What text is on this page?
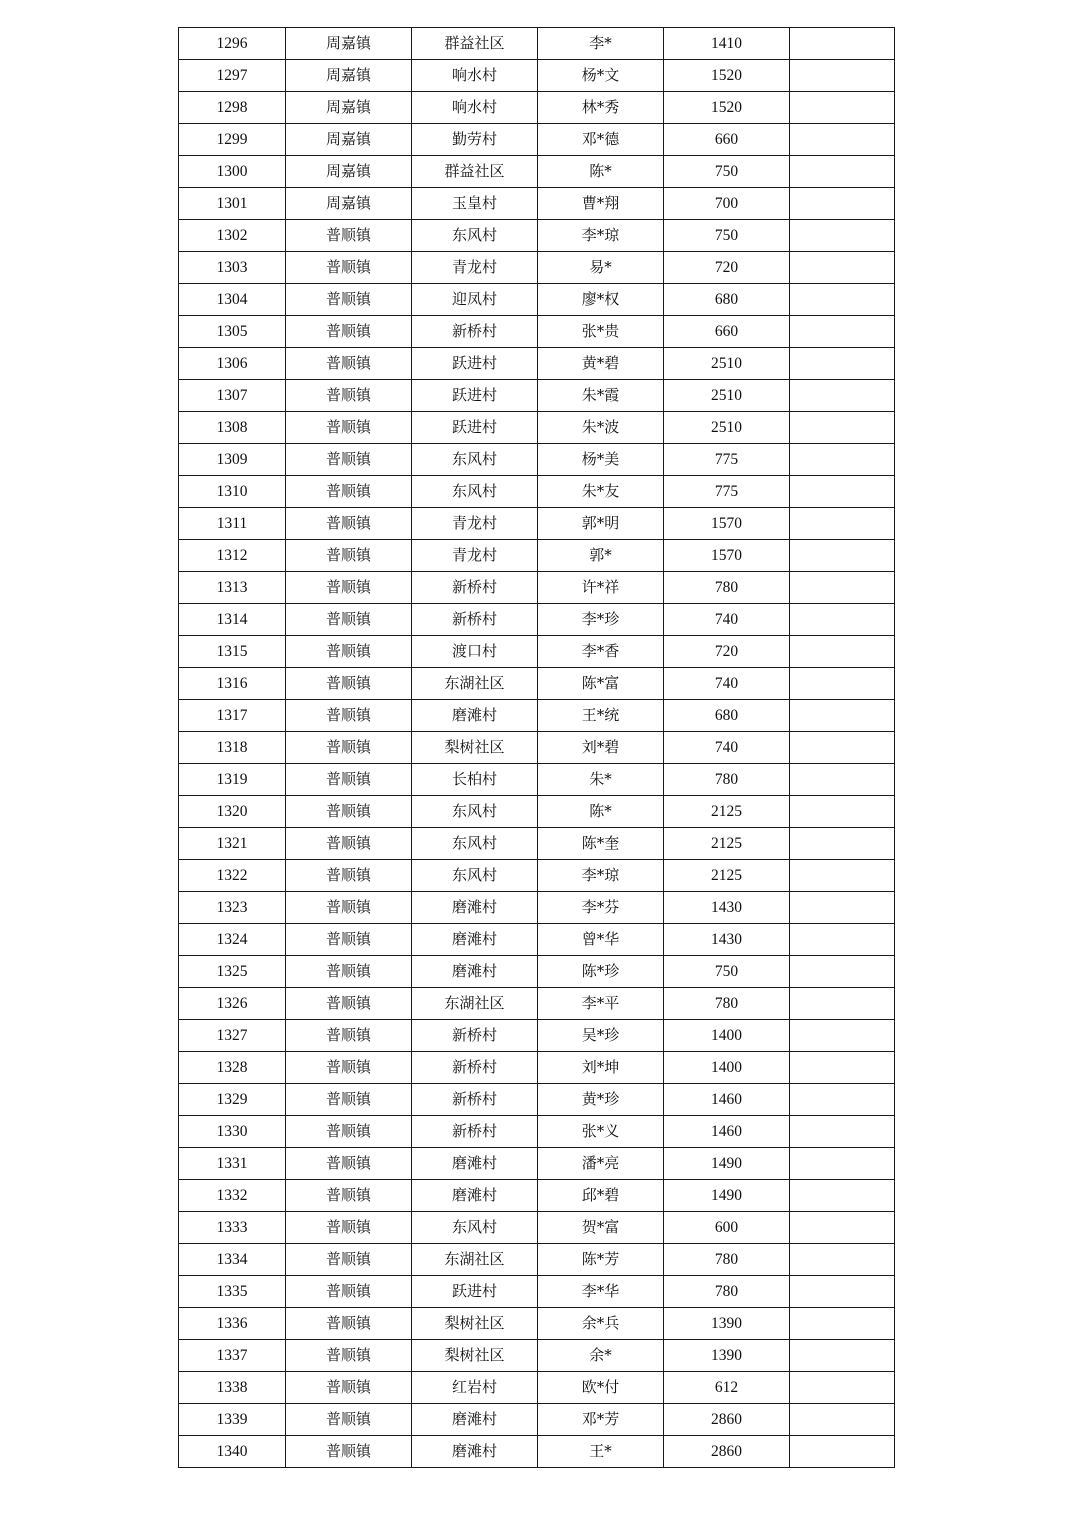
1296	周嘉镇	群益社区	李*	1410	
1297	周嘉镇	响水村	杨*文	1520	
1298	周嘉镇	响水村	林*秀	1520	
1299	周嘉镇	勤劳村	邓*德	660	
1300	周嘉镇	群益社区	陈*	750	
1301	周嘉镇	玉皇村	曹*翔	700	
1302	普顺镇	东风村	李*琼	750	
1303	普顺镇	青龙村	易*	720	
1304	普顺镇	迎凤村	廖*权	680	
1305	普顺镇	新桥村	张*贵	660	
1306	普顺镇	跃进村	黄*碧	2510	
1307	普顺镇	跃进村	朱*霞	2510	
1308	普顺镇	跃进村	朱*波	2510	
1309	普顺镇	东风村	杨*美	775	
1310	普顺镇	东风村	朱*友	775	
1311	普顺镇	青龙村	郭*明	1570	
1312	普顺镇	青龙村	郭*	1570	
1313	普顺镇	新桥村	许*祥	780	
1314	普顺镇	新桥村	李*珍	740	
1315	普顺镇	渡口村	李*香	720	
1316	普顺镇	东湖社区	陈*富	740	
1317	普顺镇	磨滩村	王*统	680	
1318	普顺镇	梨树社区	刘*碧	740	
1319	普顺镇	长柏村	朱*	780	
1320	普顺镇	东风村	陈*	2125	
1321	普顺镇	东风村	陈*奎	2125	
1322	普顺镇	东风村	李*琼	2125	
1323	普顺镇	磨滩村	李*芬	1430	
1324	普顺镇	磨滩村	曾*华	1430	
1325	普顺镇	磨滩村	陈*珍	750	
1326	普顺镇	东湖社区	李*平	780	
1327	普顺镇	新桥村	吴*珍	1400	
1328	普顺镇	新桥村	刘*坤	1400	
1329	普顺镇	新桥村	黄*珍	1460	
1330	普顺镇	新桥村	张*义	1460	
1331	普顺镇	磨滩村	潘*亮	1490	
1332	普顺镇	磨滩村	邱*碧	1490	
1333	普顺镇	东风村	贺*富	600	
1334	普顺镇	东湖社区	陈*芳	780	
1335	普顺镇	跃进村	李*华	780	
1336	普顺镇	梨树社区	余*兵	1390	
1337	普顺镇	梨树社区	余*	1390	
1338	普顺镇	红岩村	欧*付	612	
1339	普顺镇	磨滩村	邓*芳	2860	
1340	普顺镇	磨滩村	王*	2860	
